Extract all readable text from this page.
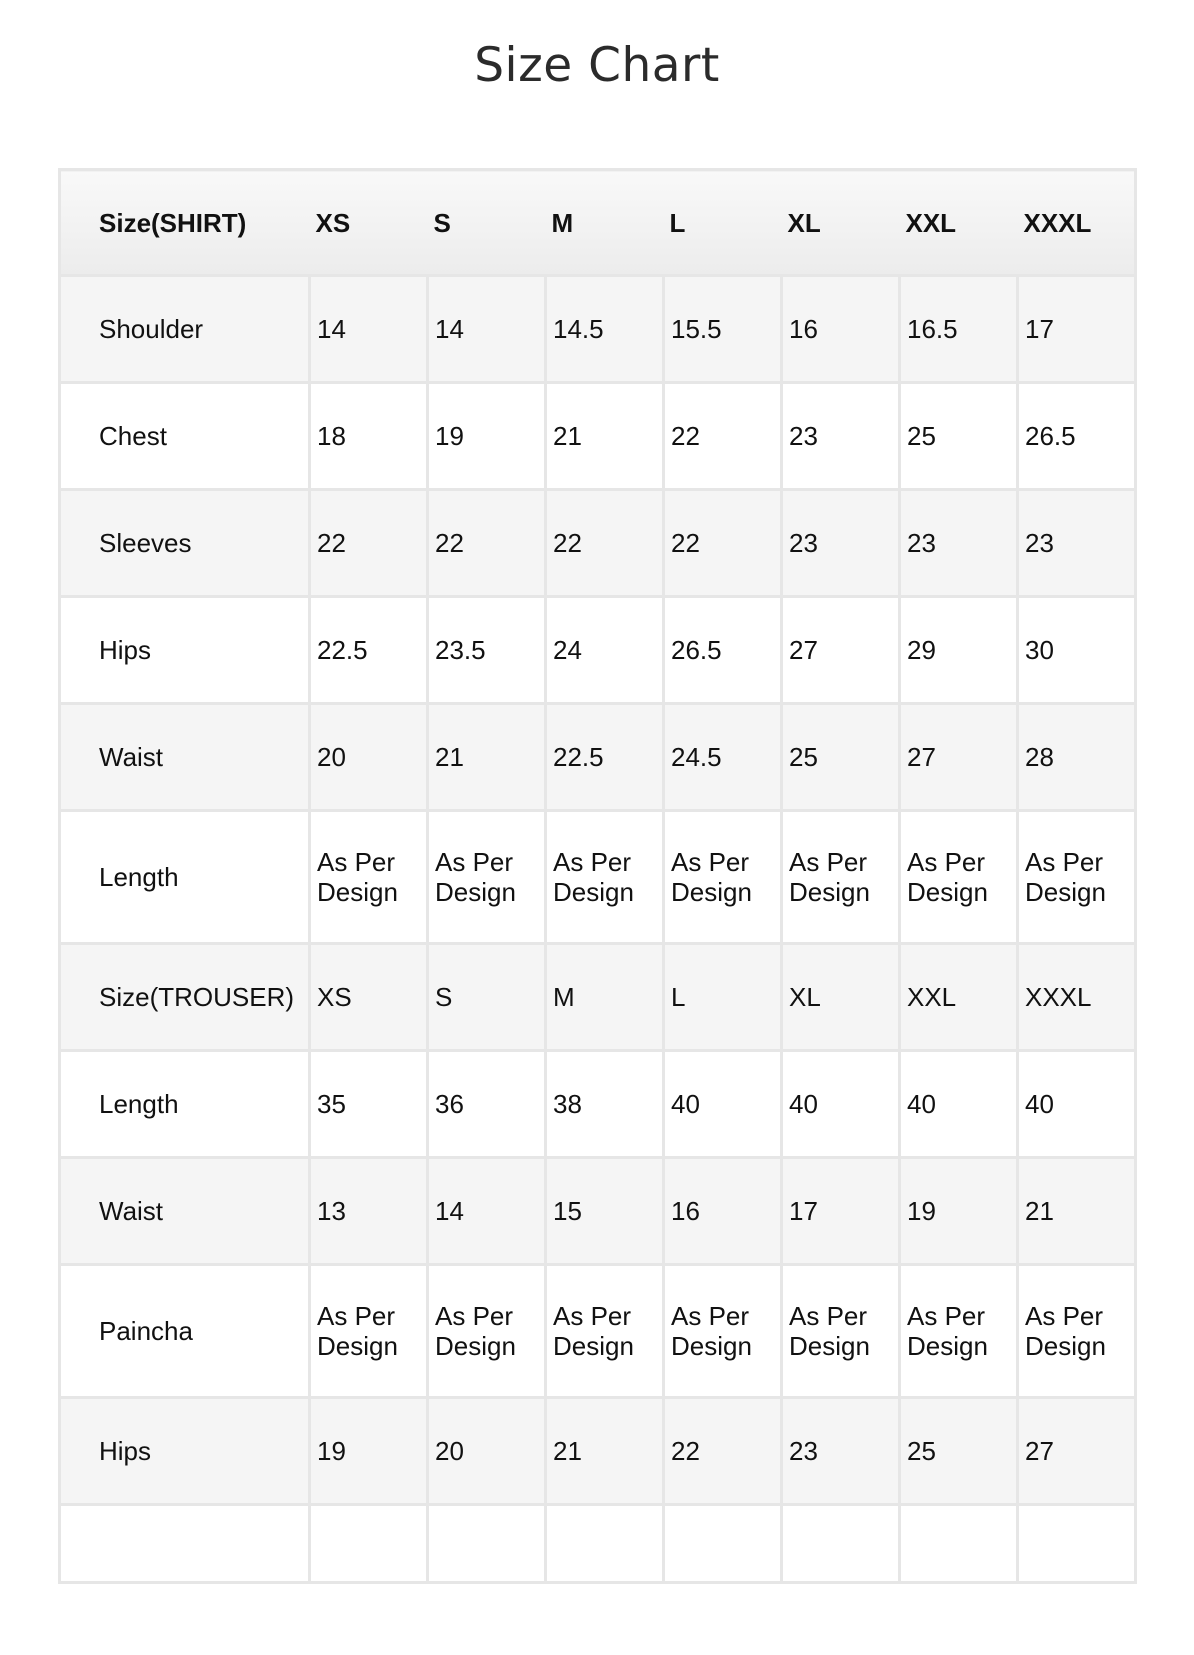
Size Chart
Size(SHIRT)	XS	S	M	L	XL	XXL	XXXL
Shoulder	14	14	14.5	15.5	16	16.5	17
Chest	18	19	21	22	23	25	26.5
Sleeves	22	22	22	22	23	23	23
Hips	22.5	23.5	24	26.5	27	29	30
Waist	20	21	22.5	24.5	25	27	28
Length	As Per Design	As Per Design	As Per Design	As Per Design	As Per Design	As Per Design	As Per Design
Size(TROUSER)	XS	S	M	L	XL	XXL	XXXL
Length	35	36	38	40	40	40	40
Waist	13	14	15	16	17	19	21
Paincha	As Per Design	As Per Design	As Per Design	As Per Design	As Per Design	As Per Design	As Per Design
Hips	19	20	21	22	23	25	27
